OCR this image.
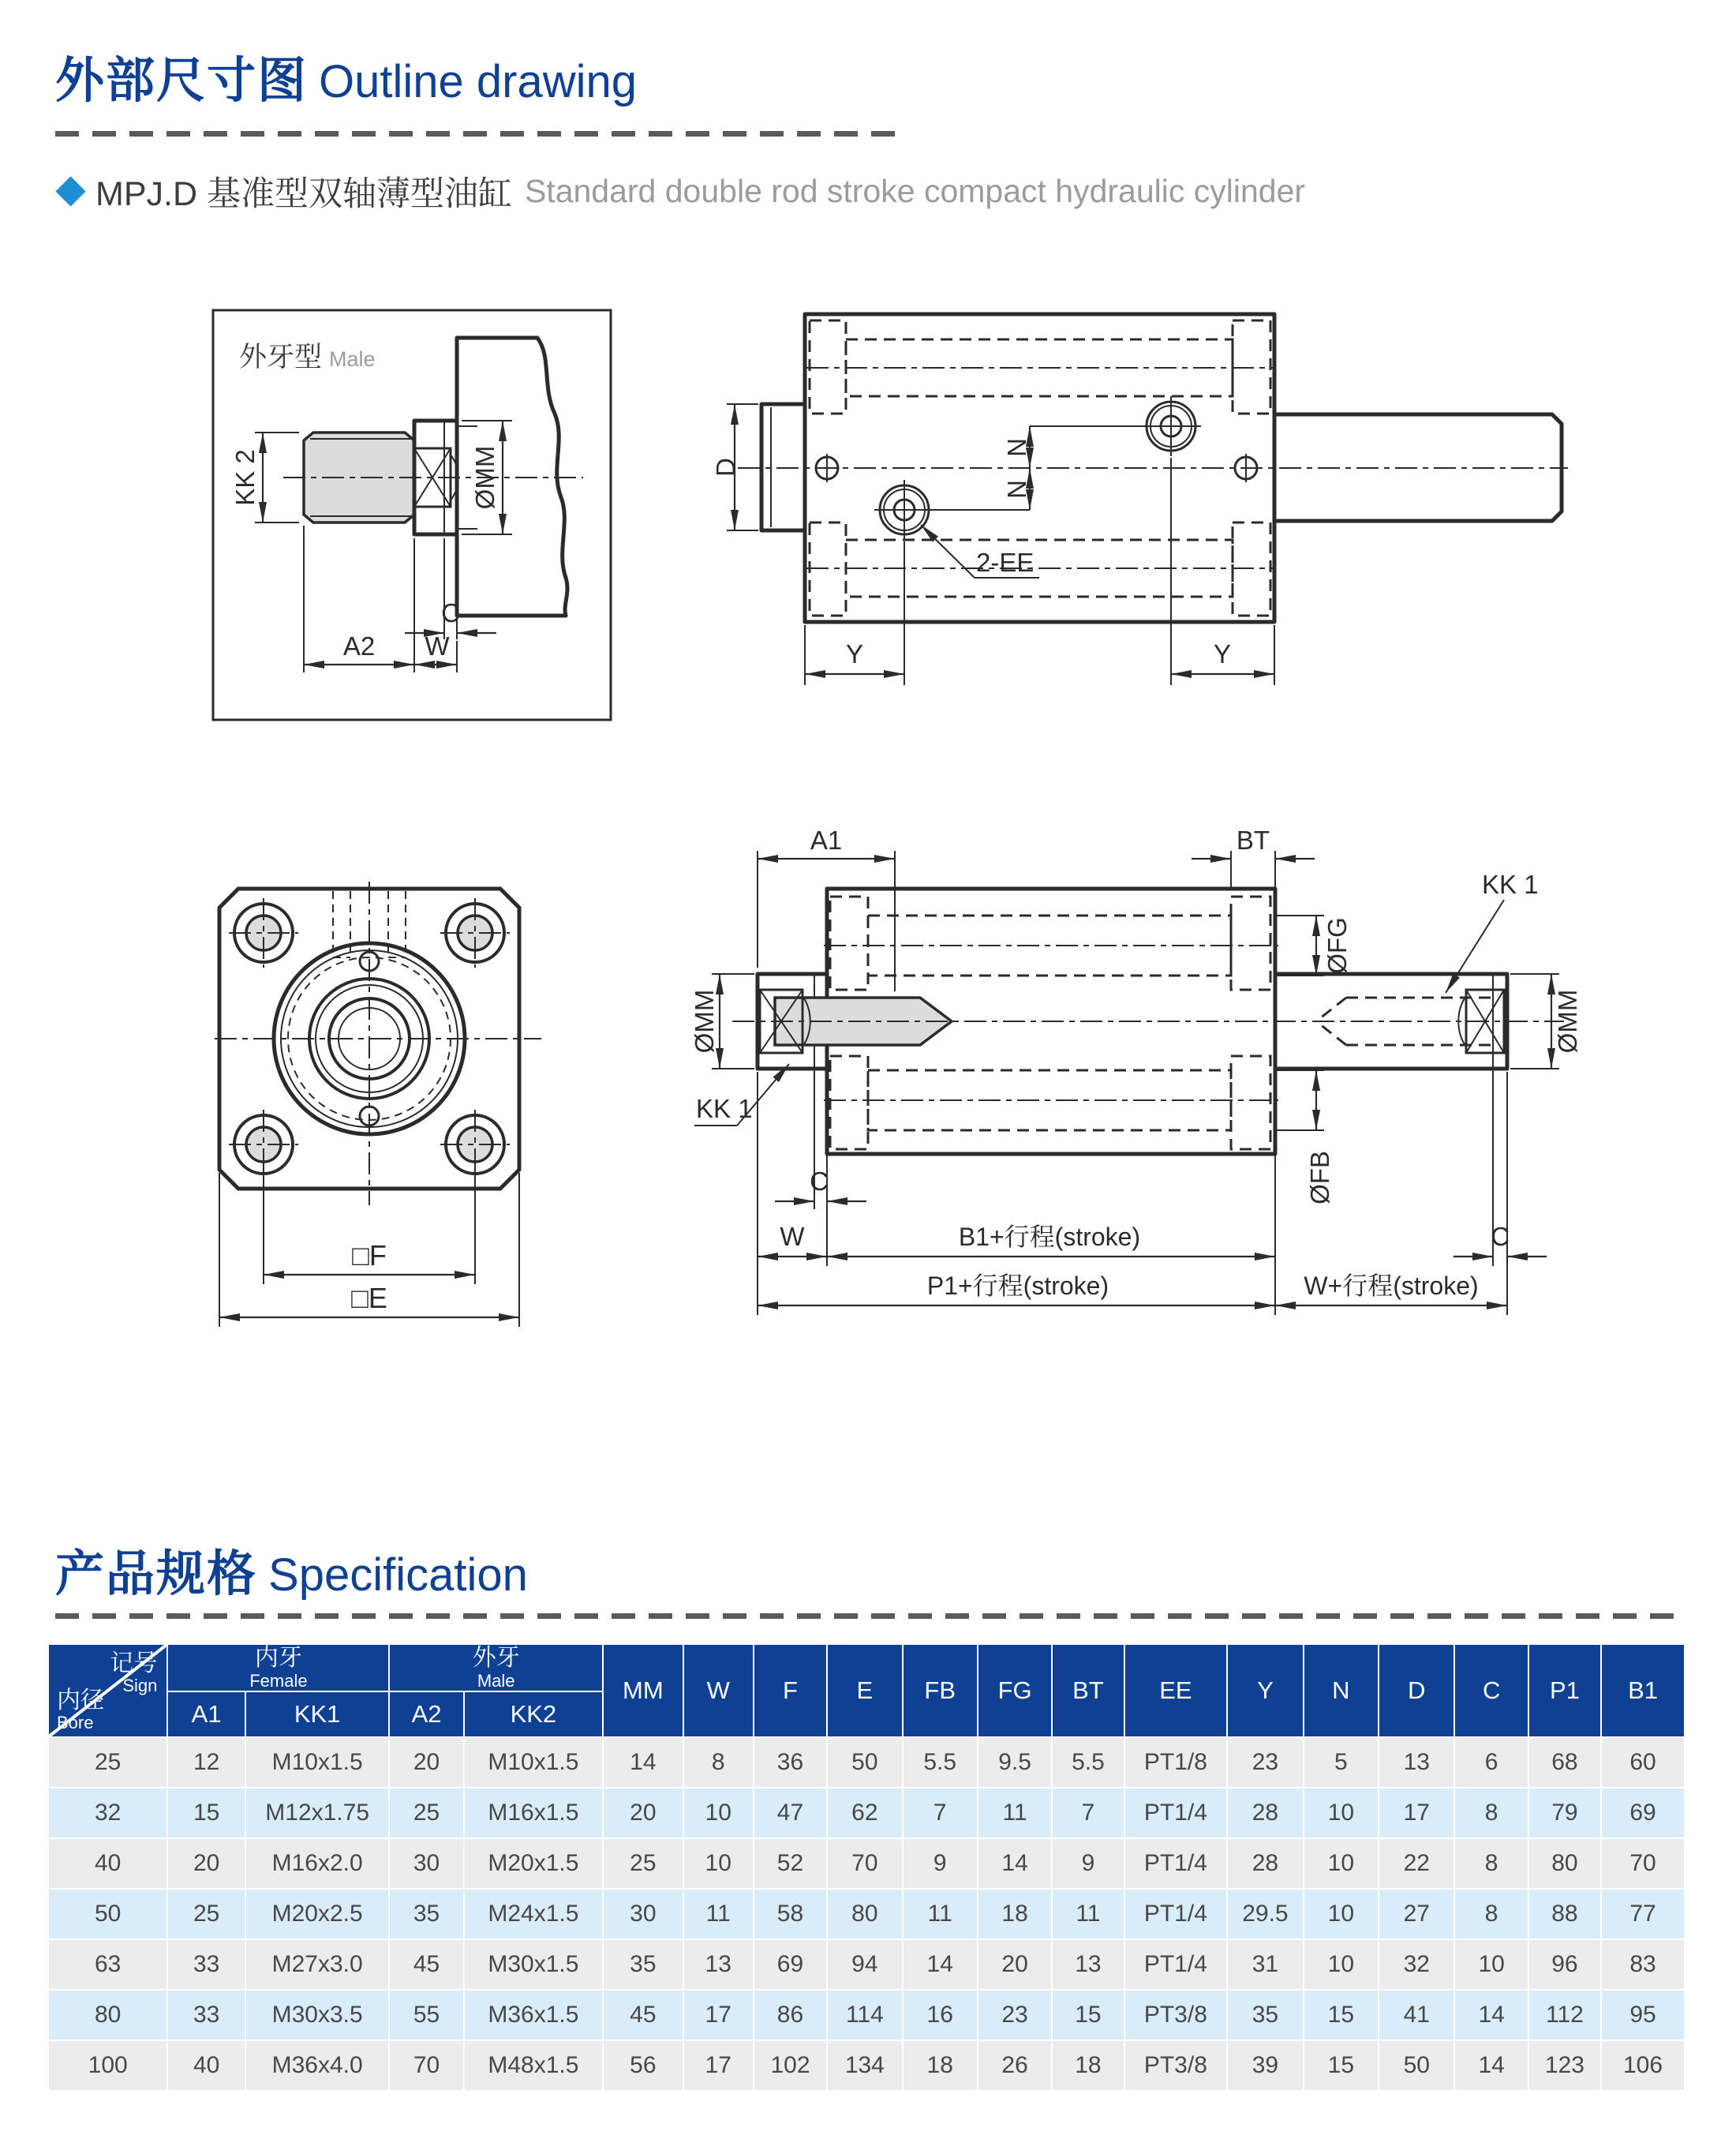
外部尺寸图 Outline drawing
MPJ.D 基准型双轴薄型油缸 Standard double rod stroke compact hydraulic cylinder
外牙型 Male
KK 2	ØMM
C
A2 W
D
N
N
2-EE
Y	Y
□F
□E
A1	BT
ØFG
ØFB
KK 1
KK 1
ØMM	ØMM
C
W	B1+行程(stroke)	C
P1+行程(stroke)	W+行程(stroke)
产品规格 Specification
记号
Sign
内径
Bore	内牙
Female		外牙
Male		MM	W	F	E	FB	FG	BT	EE	Y	N	D	C	P1	B1
	A1	KK1	A2	KK2														
25	12	M10x1.5	20	M10x1.5	14	8	36	50	5.5	9.5	5.5	PT1/8	23	5	13	6	68	60
32	15	M12x1.75	25	M16x1.5	20	10	47	62	7	11	7	PT1/4	28	10	17	8	79	69
40	20	M16x2.0	30	M20x1.5	25	10	52	70	9	14	9	PT1/4	28	10	22	8	80	70
50	25	M20x2.5	35	M24x1.5	30	11	58	80	11	18	11	PT1/4	29.5	10	27	8	88	77
63	33	M27x3.0	45	M30x1.5	35	13	69	94	14	20	13	PT1/4	31	10	32	10	96	83
80	33	M30x3.5	55	M36x1.5	45	17	86	114	16	23	15	PT3/8	35	15	41	14	112	95
100	40	M36x4.0	70	M48x1.5	56	17	102	134	18	26	18	PT3/8	39	15	50	14	123	106
